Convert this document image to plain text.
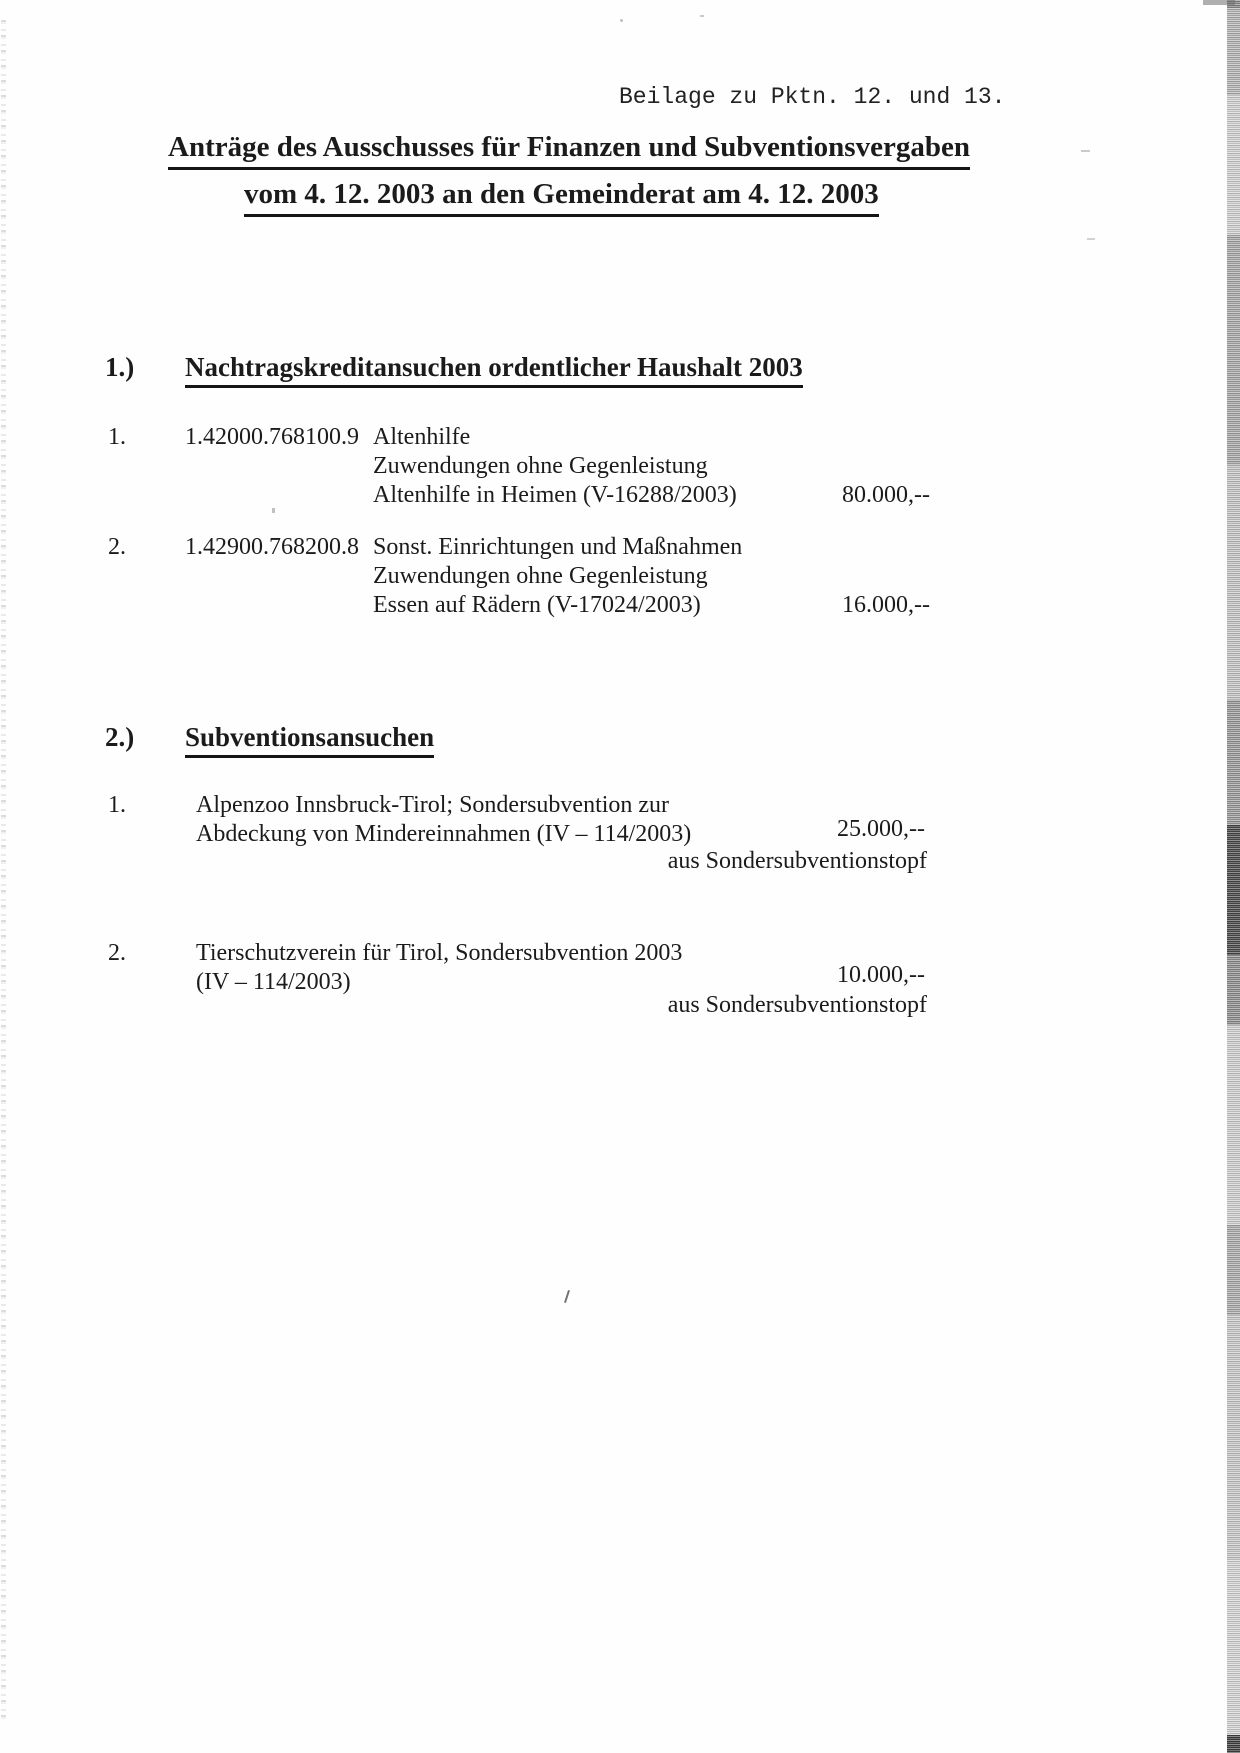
Beilage zu Pktn. 12. und 13.
Anträge des Ausschusses für Finanzen und Subventionsvergaben
vom 4. 12. 2003 an den Gemeinderat am 4. 12. 2003
1.) Nachtragskreditansuchen ordentlicher Haushalt 2003
1. 1.42000.768100.9 Altenhilfe
Zuwendungen ohne Gegenleistung
Altenhilfe in Heimen (V-16288/2003)	80.000,--
2. 1.42900.768200.8 Sonst. Einrichtungen und Maßnahmen
Zuwendungen ohne Gegenleistung
Essen auf Rädern (V-17024/2003)	16.000,--
2.) Subventionsansuchen
1.	Alpenzoo Innsbruck-Tirol; Sondersubvention zur
Abdeckung von Mindereinnahmen (IV – 114/2003)	25.000,--
aus Sondersubventionstopf
2.	Tierschutzverein für Tirol, Sondersubvention 2003
(IV – 114/2003)	10.000,--
aus Sondersubventionstopf
